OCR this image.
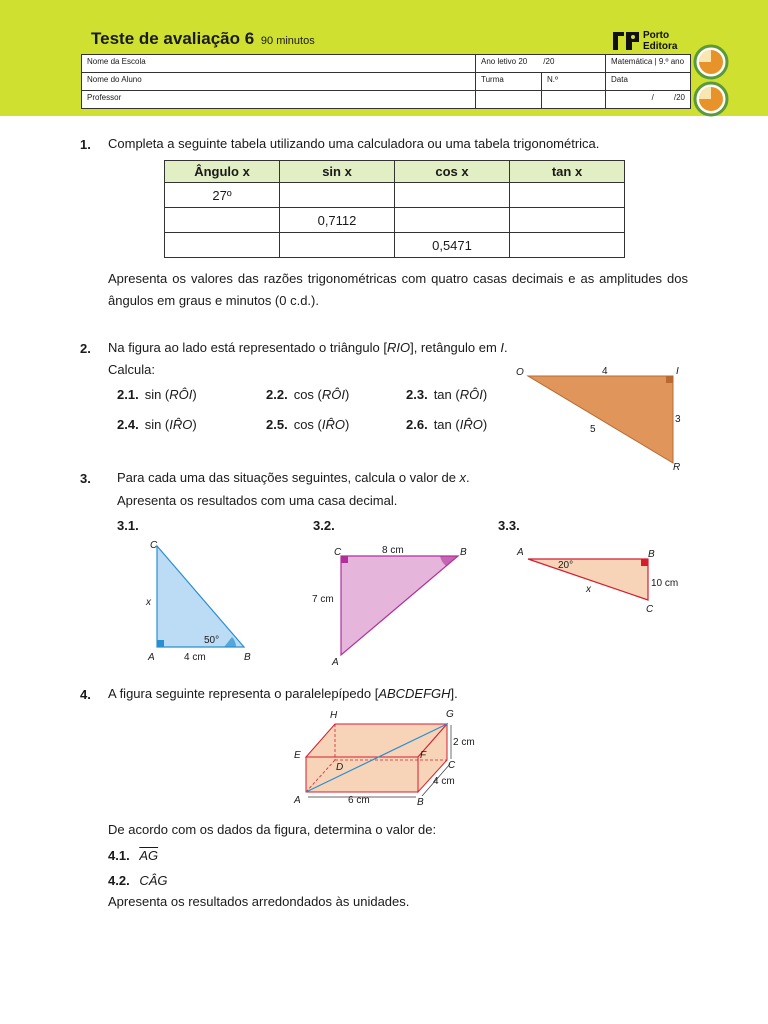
Teste de avaliação 6 90 minutos	Porto
Editora
Nome da Escola	Ano letivo 20 /20		Matemática | 9.º ano
Nome do Aluno	Turma	N.º	Data
Professor			/ /20
1. Completa a seguinte tabela utilizando uma calculadora ou uma tabela trigonométrica.
Ângulo x	sin x	cos x	tan x
27º			
	0,7112		
		0,5471	
Apresenta os valores das razões trigonométricas com quatro casas decimais e as amplitudes dos ângulos em graus e minutos (0 c.d.).
2. Na figura ao lado está representado o triângulo [RIO], retângulo em I.
Calcula:
2.1. sin (RÔI)	2.2. cos (RÔI)	2.3. tan (RÔI)
2.4. sin (IR̂O)	2.5. cos (IR̂O)	2.6. tan (IR̂O)
O	I
R
4
3
5
3. Para cada uma das situações seguintes, calcula o valor de x.
Apresenta os resultados com uma casa decimal.
3.1.	3.2.	3.3.
C
A	B
x
4 cm
50°
C	B
A
8 cm
7 cm
A	B
C
20°
10 cm
x
4. A figura seguinte representa o paralelepípedo [ABCDEFGH].
A	B
C
D
E	F
G
H
6 cm
4 cm
2 cm
De acordo com os dados da figura, determina o valor de:
4.1. $\overline{AG}$
4.2. CÂG
Apresenta os resultados arredondados às unidades.
